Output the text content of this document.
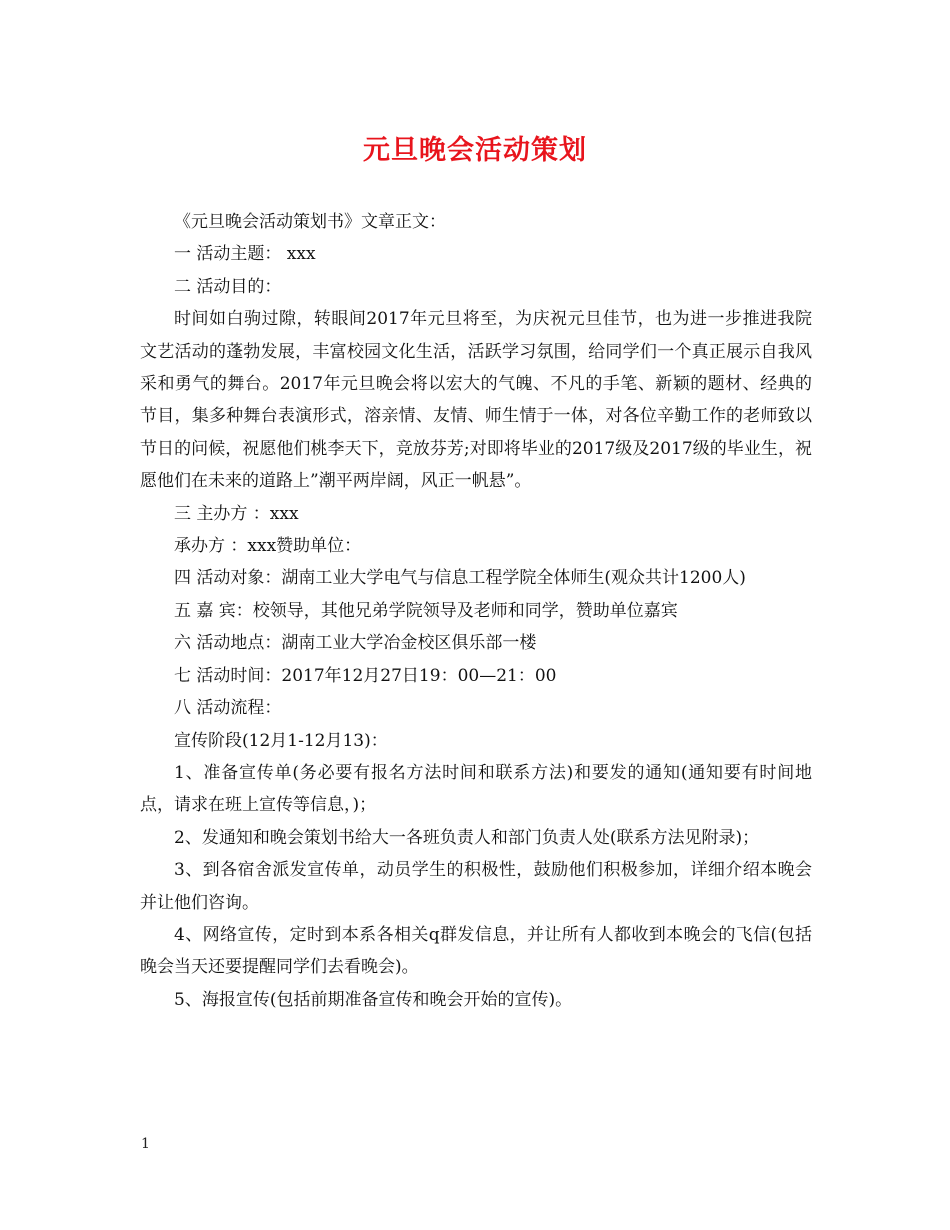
元旦晚会活动策划

《元旦晚会活动策划书》文章正文：

一 活动主题： xxx

二 活动目的：

时间如白驹过隙，转眼间2017年元旦将至，为庆祝元旦佳节，也为进一步推进我院文艺活动的蓬勃发展，丰富校园文化生活，活跃学习氛围，给同学们一个真正展示自我风采和勇气的舞台。2017年元旦晚会将以宏大的气魄、不凡的手笔、新颖的题材、经典的节目，集多种舞台表演形式，溶亲情、友情、师生情于一体，对各位辛勤工作的老师致以节日的问候，祝愿他们桃李天下，竞放芬芳;对即将毕业的2017级及2017级的毕业生，祝愿他们在未来的道路上”潮平两岸阔，风正一帆悬”。

三 主办方 ：xxx

承办方 ：xxx赞助单位：

四 活动对象：湖南工业大学电气与信息工程学院全体师生(观众共计1200人)

五 嘉 宾：校领导，其他兄弟学院领导及老师和同学，赞助单位嘉宾

六 活动地点：湖南工业大学冶金校区俱乐部一楼

七 活动时间：2017年12月27日19：00—21：00

八 活动流程：

宣传阶段(12月1-12月13)：

1、准备宣传单(务必要有报名方法时间和联系方法)和要发的通知(通知要有时间地点，请求在班上宣传等信息，)；

2、发通知和晚会策划书给大一各班负责人和部门负责人处(联系方法见附录)；

3、到各宿舍派发宣传单，动员学生的积极性，鼓励他们积极参加，详细介绍本晚会并让他们咨询。

4、网络宣传，定时到本系各相关q群发信息，并让所有人都收到本晚会的飞信(包括晚会当天还要提醒同学们去看晚会)。

5、海报宣传(包括前期准备宣传和晚会开始的宣传)。

1
